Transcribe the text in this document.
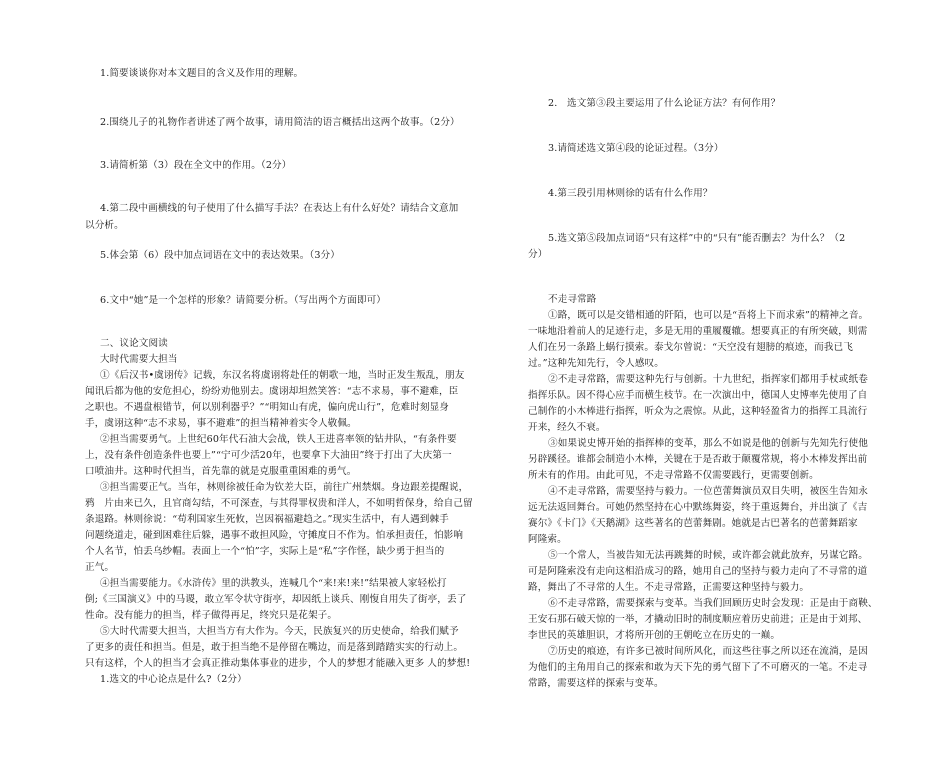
1.简要谈谈你对本文题目的含义及作用的理解。
2.围绕儿子的礼物作者讲述了两个故事，请用简洁的语言概括出这两个故事。（2分）
3.请简析第（3）段在全文中的作用。（2分）
4.第二段中画横线的句子使用了什么描写手法？在表达上有什么好处？请结合文意加
以分析。
5.体会第（6）段中加点词语在文中的表达效果。（3分）
6.文中“她”是一个怎样的形象？请简要分析。（写出两个方面即可）
二、议论文阅读
大时代需要大担当
①《后汉书•虞诩传》记载，东汉名将虞诩将赴任的朝歌一地，当时正发生叛乱，朋友
闻讯后都为他的安危担心，纷纷劝他别去。虞诩却坦然笑答：“志不求易，事不避难，臣
之职也。不遇盘根错节，何以别利器乎？”“明知山有虎，偏向虎山行”，危难时刻显身
手，虞诩这种“志不求易，事不避难”的担当精神着实令人敬佩。
②担当需要勇气。上世纪60年代石油大会战，铁人王进喜率领的钻井队，“有条件要
上，没有条件创造条件也要上”“宁可少活20年，也要拿下大油田”终于打出了大庆第一
口喷油井。这种时代担当，首先靠的就是克服重重困难的勇气。
③担当需要正气。当年，林则徐被任命为钦差大臣，前往广州禁烟。身边跟差提醒说，
鸦　片由来已久，且官商勾结，不可深查，与其得罪权贵和洋人，不如明哲保身，给自己留
条退路。林则徐说：“苟利国家生死攸，岂因祸福避趋之。”现实生活中，有人遇到棘手
问题绕道走，碰到困难往后躲，遇事不敢担风险，守摊度日不作为。怕承担责任，怕影响
个人名节，怕丢乌纱帽。表面上一个“怕”字，实际上是“私”字作怪，缺少勇于担当的
正气。
④担当需要能力。《水浒传》里的洪教头，连喊几个“来!来!来!”结果被人家轻松打
倒;《三国演义》中的马谡，敢立军令状守街亭，却因纸上谈兵、刚愎自用失了街亭，丢了
性命。没有能力的担当，样子做得再足，终究只是花架子。
⑤大时代需要大担当，大担当方有大作为。今天，民族复兴的历史使命，给我们赋予
了更多的责任和担当。但是，敢于担当绝不是停留在嘴边，而是落到踏踏实实的行动上。
只有这样，个人的担当才会真正推动集体事业的进步，个人的梦想才能融入更多 人的梦想!
1.选文的中心论点是什么?（2分）
2.　选文第③段主要运用了什么论证方法？有何作用？
3.请简述选文第④段的论证过程。（3分）
4.第三段引用林则徐的话有什么作用？
5.选文第⑤段加点词语“只有这样”中的“只有”能否删去？为什么？（2
分）
不走寻常路
①路，既可以是交错相通的阡陌，也可以是“吾将上下而求索”的精神之音。
一味地沿着前人的足迹行走，多是无用的重履覆辙。想要真正的有所突破，则需
人们在另一条路上蜗行摸索。泰戈尔曾说：“天空没有翅膀的痕迹，而我已飞
过。”这种先知先行，令人感叹。
②不走寻常路，需要这种先行与创新。十九世纪，指挥家们都用手杖或纸卷
指挥乐队。因不得心应手而横生枝节。在一次演出中，德国人史博率先使用了自
己制作的小木棒进行指挥，听众为之震惊。从此，这种轻盈省力的指挥工具流行
开来，经久不衰。
③如果说史博开始的指挥棒的变革，那么不如说是他的创新与先知先行使他
另辟蹊径。谁都会制造小木棒，关键在于是否敢于颠覆常规，将小木棒发挥出前
所未有的作用。由此可见，不走寻常路不仅需要践行，更需要创新。
④不走寻常路，需要坚持与毅力。一位芭蕾舞演员双目失明，被医生告知永
远无法返回舞台。可她仍然坚持在心中默练舞姿，终于重返舞台，并出演了《吉
赛尔》《卡门》《天鹅湖》这些著名的芭蕾舞剧。她就是古巴著名的芭蕾舞蹈家
阿隆索。
⑤一个常人，当被告知无法再跳舞的时候，或许都会就此放弃，另谋它路。
可是阿隆索没有走向这相沿成习的路，她用自己的坚持与毅力走向了不寻常的道
路，舞出了不寻常的人生。不走寻常路，正需要这种坚持与毅力。
⑥不走寻常路，需要探索与变革。当我们回顾历史时会发现：正是由于商鞅、
王安石那石破天惊的一举，才撬动旧时的制度顺应着历史前进；正是由于刘邦、
李世民的英雄胆识，才将所开创的王朝屹立在历史的一巅。
⑦历史的痕迹，有许多已被时间所风化，而这些往事之所以还在流淌，是因
为他们的主角用自己的探索和敢为天下先的勇气留下了不可磨灭的一笔。不走寻
常路，需要这样的探索与变革。
